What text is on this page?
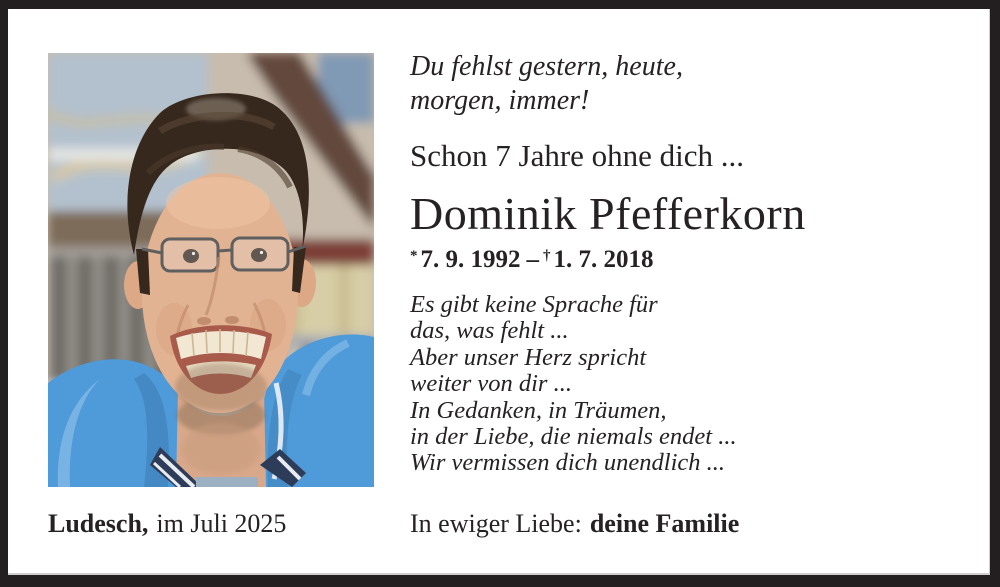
Du fehlst gestern, heute,
morgen, immer!
Schon 7 Jahre ohne dich ...
Dominik Pfefferkorn
* 7. 9. 1992 – † 1. 7. 2018
Es gibt keine Sprache für
das, was fehlt ...
Aber unser Herz spricht
weiter von dir ...
In Gedanken, in Träumen,
in der Liebe, die niemals endet ...
Wir vermissen dich unendlich ...
Ludesch, im Juli 2025	In ewiger Liebe: deine Familie
